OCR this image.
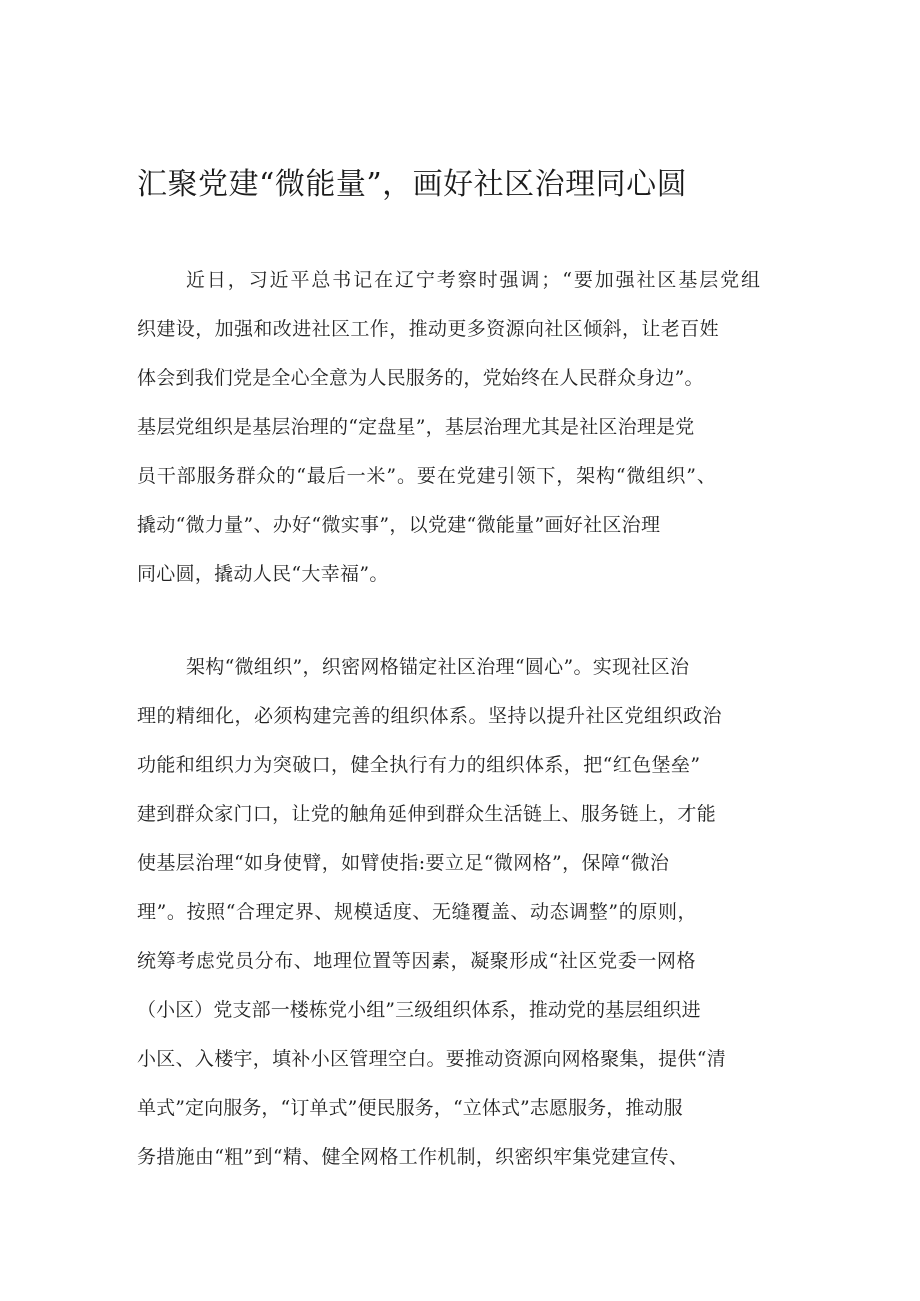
汇聚党建“微能量”，画好社区治理同心圆
近日，习近平总书记在辽宁考察时强调；“要加强社区基层党组
织建设，加强和改进社区工作，推动更多资源向社区倾斜，让老百姓
体会到我们党是全心全意为人民服务的，党始终在人民群众身边”。
基层党组织是基层治理的“定盘星”，基层治理尤其是社区治理是党
员干部服务群众的“最后一米”。要在党建引领下，架构“微组织”、
撬动“微力量”、办好“微实事”，以党建“微能量”画好社区治理
同心圆，撬动人民“大幸福”。
架构“微组织”，织密网格锚定社区治理“圆心”。实现社区治
理的精细化，必须构建完善的组织体系。坚持以提升社区党组织政治
功能和组织力为突破口，健全执行有力的组织体系，把“红色堡垒”
建到群众家门口，让党的触角延伸到群众生活链上、服务链上，才能
使基层治理“如身使臂，如臂使指:要立足“微网格”，保障“微治
理”。按照“合理定界、规模适度、无缝覆盖、动态调整”的原则，
统筹考虑党员分布、地理位置等因素，凝聚形成“社区党委一网格
（小区）党支部一楼栋党小组”三级组织体系，推动党的基层组织进
小区、入楼宇，填补小区管理空白。要推动资源向网格聚集，提供“清
单式”定向服务，“订单式”便民服务，“立体式”志愿服务，推动服
务措施由“粗”到“精、健全网格工作机制，织密织牢集党建宣传、
